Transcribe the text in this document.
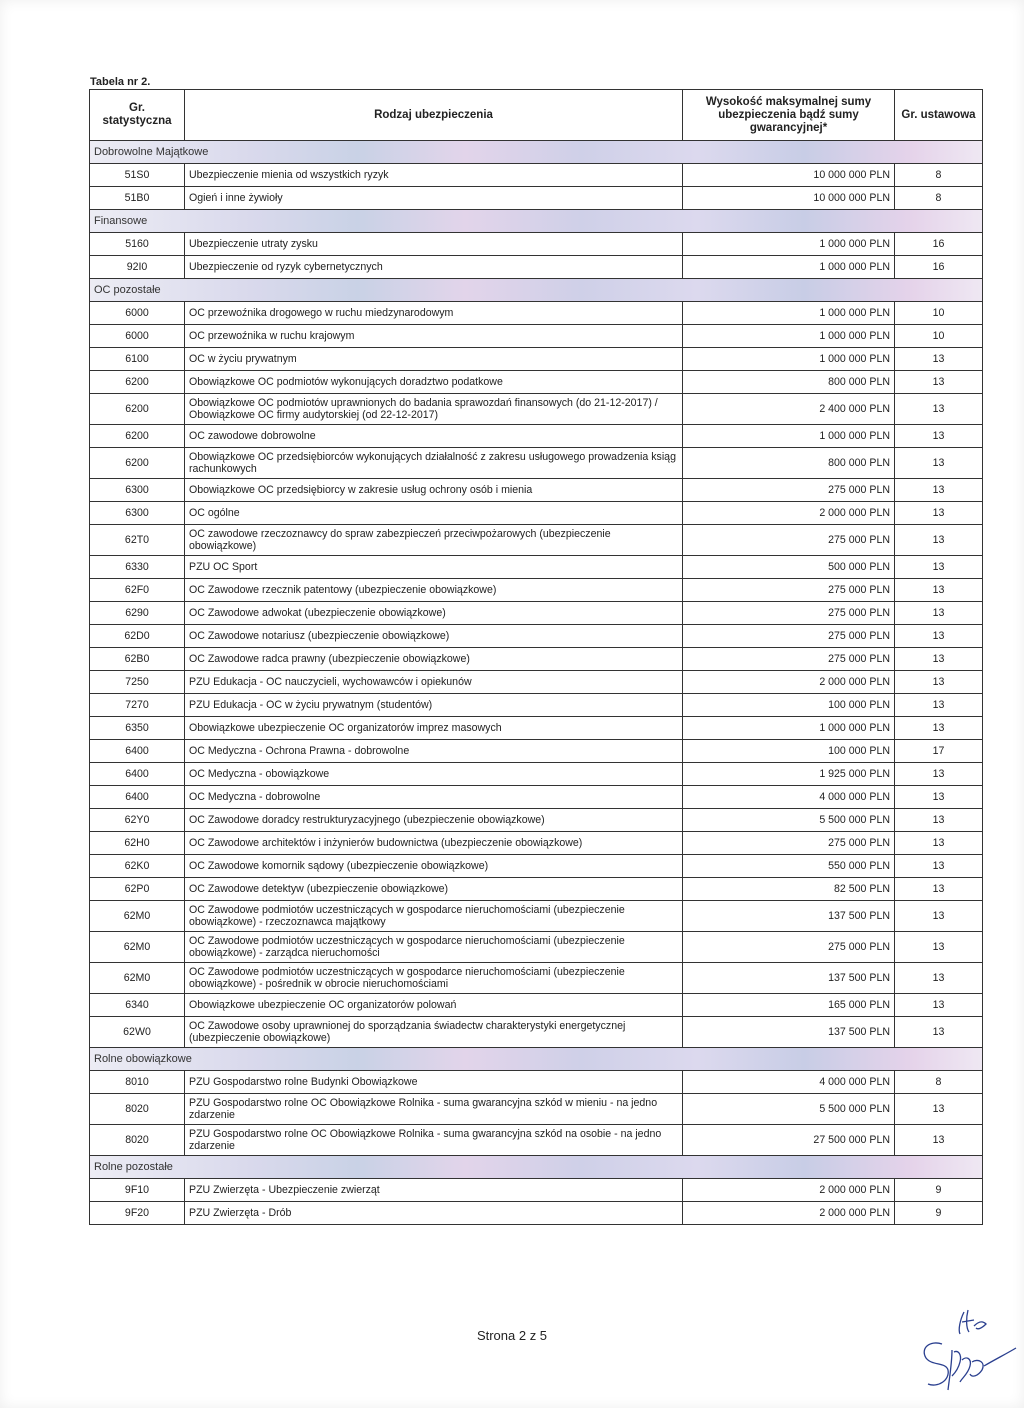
Tabela nr 2.
Gr. statystyczna	Rodzaj ubezpieczenia	Wysokość maksymalnej sumy ubezpieczenia bądź sumy gwarancyjnej*	Gr. ustawowa
Dobrowolne Majątkowe			
51S0	Ubezpieczenie mienia od wszystkich ryzyk	10 000 000 PLN	8
51B0	Ogień i inne żywioły	10 000 000 PLN	8
Finansowe			
5160	Ubezpieczenie utraty zysku	1 000 000 PLN	16
92I0	Ubezpieczenie od ryzyk cybernetycznych	1 000 000 PLN	16
OC pozostałe			
6000	OC przewoźnika drogowego w ruchu miedzynarodowym	1 000 000 PLN	10
6000	OC przewoźnika w ruchu krajowym	1 000 000 PLN	10
6100	OC w życiu prywatnym	1 000 000 PLN	13
6200	Obowiązkowe OC podmiotów wykonujących doradztwo podatkowe	800 000 PLN	13
6200	Obowiązkowe OC podmiotów uprawnionych do badania sprawozdań finansowych (do 21-12-2017) / Obowiązkowe OC firmy audytorskiej (od 22-12-2017)	2 400 000 PLN	13
6200	OC zawodowe dobrowolne	1 000 000 PLN	13
6200	Obowiązkowe OC przedsiębiorców wykonujących działalność z zakresu usługowego prowadzenia ksiąg rachunkowych	800 000 PLN	13
6300	Obowiązkowe OC przedsiębiorcy w zakresie usług ochrony osób i mienia	275 000 PLN	13
6300	OC ogólne	2 000 000 PLN	13
62T0	OC zawodowe rzeczoznawcy do spraw zabezpieczeń przeciwpożarowych (ubezpieczenie obowiązkowe)	275 000 PLN	13
6330	PZU OC Sport	500 000 PLN	13
62F0	OC Zawodowe rzecznik patentowy (ubezpieczenie obowiązkowe)	275 000 PLN	13
6290	OC Zawodowe adwokat (ubezpieczenie obowiązkowe)	275 000 PLN	13
62D0	OC Zawodowe notariusz (ubezpieczenie obowiązkowe)	275 000 PLN	13
62B0	OC Zawodowe radca prawny (ubezpieczenie obowiązkowe)	275 000 PLN	13
7250	PZU Edukacja - OC nauczycieli, wychowawców i opiekunów	2 000 000 PLN	13
7270	PZU Edukacja - OC w życiu prywatnym (studentów)	100 000 PLN	13
6350	Obowiązkowe ubezpieczenie OC organizatorów imprez masowych	1 000 000 PLN	13
6400	OC Medyczna - Ochrona Prawna - dobrowolne	100 000 PLN	17
6400	OC Medyczna - obowiązkowe	1 925 000 PLN	13
6400	OC Medyczna - dobrowolne	4 000 000 PLN	13
62Y0	OC Zawodowe doradcy restrukturyzacyjnego (ubezpieczenie obowiązkowe)	5 500 000 PLN	13
62H0	OC Zawodowe architektów i inżynierów budownictwa (ubezpieczenie obowiązkowe)	275 000 PLN	13
62K0	OC Zawodowe komornik sądowy (ubezpieczenie obowiązkowe)	550 000 PLN	13
62P0	OC Zawodowe detektyw (ubezpieczenie obowiązkowe)	82 500 PLN	13
62M0	OC Zawodowe podmiotów uczestniczących w gospodarce nieruchomościami (ubezpieczenie obowiązkowe) - rzeczoznawca majątkowy	137 500 PLN	13
62M0	OC Zawodowe podmiotów uczestniczących w gospodarce nieruchomościami (ubezpieczenie obowiązkowe) - zarządca nieruchomości	275 000 PLN	13
62M0	OC Zawodowe podmiotów uczestniczących w gospodarce nieruchomościami (ubezpieczenie obowiązkowe) - pośrednik w obrocie nieruchomościami	137 500 PLN	13
6340	Obowiązkowe ubezpieczenie OC organizatorów polowań	165 000 PLN	13
62W0	OC Zawodowe osoby uprawnionej do sporządzania świadectw charakterystyki energetycznej (ubezpieczenie obowiązkowe)	137 500 PLN	13
Rolne obowiązkowe			
8010	PZU Gospodarstwo rolne Budynki Obowiązkowe	4 000 000 PLN	8
8020	PZU Gospodarstwo rolne OC Obowiązkowe Rolnika - suma gwarancyjna szkód w mieniu - na jedno zdarzenie	5 500 000 PLN	13
8020	PZU Gospodarstwo rolne OC Obowiązkowe Rolnika - suma gwarancyjna szkód na osobie - na jedno zdarzenie	27 500 000 PLN	13
Rolne pozostałe			
9F10	PZU Zwierzęta - Ubezpieczenie zwierząt	2 000 000 PLN	9
9F20	PZU Zwierzęta - Drób	2 000 000 PLN	9
Strona 2 z 5
